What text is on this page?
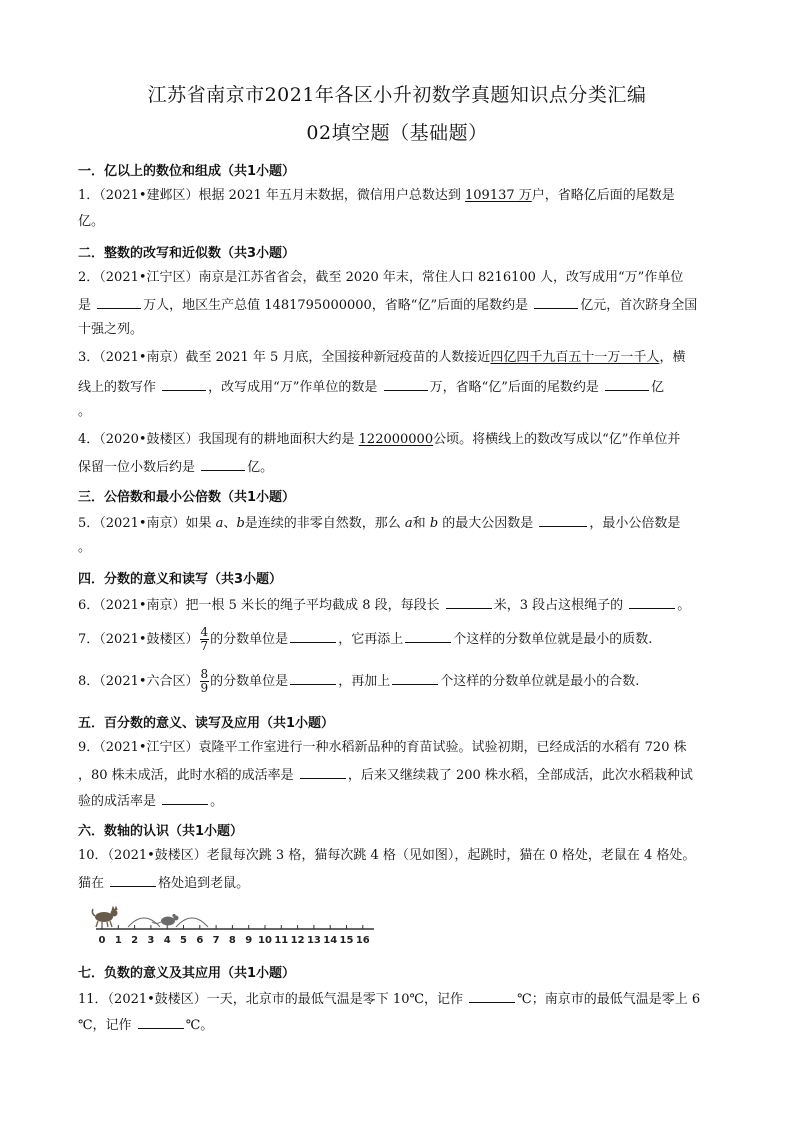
江苏省南京市2021年各区小升初数学真题知识点分类汇编
02填空题（基础题）
一．亿以上的数位和组成（共1小题）
1．（2021•建邺区）根据 2021 年五月末数据，微信用户总数达到 109137 万户，省略亿后面的尾数是
亿。
二．整数的改写和近似数（共3小题）
2．（2021•江宁区）南京是江苏省省会，截至 2020 年末，常住人口 8216100 人，改写成用“万”作单位
是	万人，地区生产总值 1481795000000，省略“亿”后面的尾数约是	亿元，首次跻身全国
十强之列。
3．（2021•南京）截至 2021 年 5 月底，全国接种新冠疫苗的人数接近四亿四千九百五十一万一千人，横
线上的数写作	，改写成用“万”作单位的数是	万，省略“亿”后面的尾数约是	亿
。
4．（2020•鼓楼区）我国现有的耕地面积大约是 122000000公顷。将横线上的数改写成以“亿”作单位并
保留一位小数后约是	亿。
三．公倍数和最小公倍数（共1小题）
5．（2021•南京）如果 a、b是连续的非零自然数，那么 a和 b 的最大公因数是	，最小公倍数是
。
四．分数的意义和读写（共3小题）
6．（2021•南京）把一根 5 米长的绳子平均截成 8 段，每段长	米，3 段占这根绳子的	。
7．（2021•鼓楼区） $\frac{4}{7}$ 的分数单位是	，它再添上	个这样的分数单位就是最小的质数.
8．（2021•六合区） $\frac{8}{9}$ 的分数单位是	，再加上	个这样的分数单位就是最小的合数.
五．百分数的意义、读写及应用（共1小题）
9．（2021•江宁区）袁隆平工作室进行一种水稻新品种的育苗试验。试验初期，已经成活的水稻有 720 株
，80 株未成活，此时水稻的成活率是	，后来又继续栽了 200 株水稻，全部成活，此次水稻栽种试
验的成活率是	。
六．数轴的认识（共1小题）
10．（2021•鼓楼区）老鼠每次跳 3 格，猫每次跳 4 格（见如图），起跳时，猫在 0 格处，老鼠在 4 格处。
猫在	格处追到老鼠。
0 1 2 3 4 5 6 7 8 9 10 11 12 13 14 15 16
七．负数的意义及其应用（共1小题）
11．（2021•鼓楼区）一天，北京市的最低气温是零下 10℃，记作	℃；南京市的最低气温是零上 6
℃，记作	℃。
